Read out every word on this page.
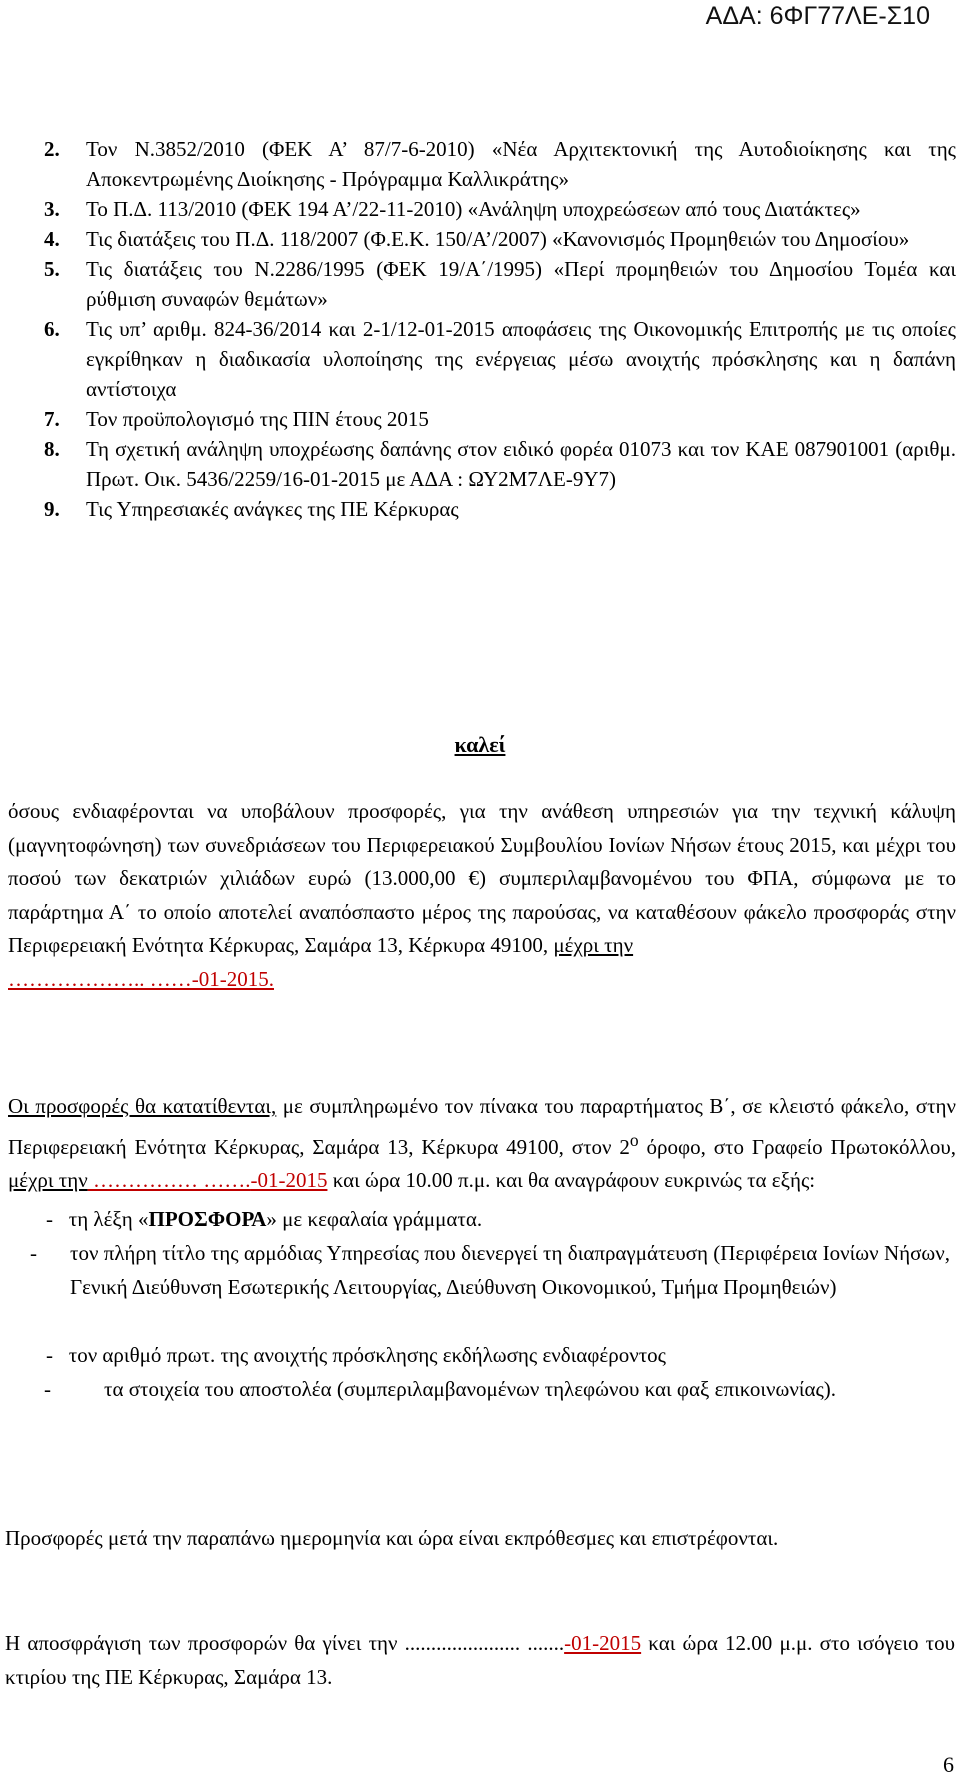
ΑΔΑ: 6ΦΓ77ΛΕ-Σ10
2. Τον Ν.3852/2010 (ΦΕΚ Α’ 87/7-6-2010) «Νέα Αρχιτεκτονική της Αυτοδιοίκησης και της Αποκεντρωμένης Διοίκησης - Πρόγραμμα Καλλικράτης»
3. Το Π.Δ. 113/2010 (ΦΕΚ 194 Α’/22-11-2010) «Ανάληψη υποχρεώσεων από τους Διατάκτες»
4. Τις διατάξεις του Π.Δ. 118/2007 (Φ.Ε.Κ. 150/Α’/2007) «Κανονισμός Προμηθειών του Δημοσίου»
5. Τις διατάξεις του Ν.2286/1995 (ΦΕΚ 19/Α΄/1995) «Περί προμηθειών του Δημοσίου Τομέα και ρύθμιση συναφών θεμάτων»
6. Τις υπ’ αριθμ. 824-36/2014 και 2-1/12-01-2015 αποφάσεις της Οικονομικής Επιτροπής με τις οποίες εγκρίθηκαν η διαδικασία υλοποίησης της ενέργειας μέσω ανοιχτής πρόσκλησης και η δαπάνη αντίστοιχα
7. Τον προϋπολογισμό της ΠΙΝ έτους 2015
8. Τη σχετική ανάληψη υποχρέωσης δαπάνης στον ειδικό φορέα 01073 και τον ΚΑΕ 087901001 (αριθμ. Πρωτ. Οικ. 5436/2259/16-01-2015 με ΑΔΑ : ΩΥ2Μ7ΛΕ-9Υ7)
9. Τις Υπηρεσιακές ανάγκες της ΠΕ Κέρκυρας
καλεί

όσους ενδιαφέρονται να υποβάλουν προσφορές, για την ανάθεση υπηρεσιών για την τεχνική κάλυψη (μαγνητοφώνηση) των συνεδριάσεων του Περιφερειακού Συμβουλίου Ιονίων Νήσων έτους 2015, και μέχρι του ποσού των δεκατριών χιλιάδων ευρώ (13.000,00 €) συμπεριλαμβανομένου του ΦΠΑ, σύμφωνα με το παράρτημα Α΄ το οποίο αποτελεί αναπόσπαστο μέρος της παρούσας, να καταθέσουν φάκελο προσφοράς στην Περιφερειακή Ενότητα Κέρκυρας, Σαμάρα 13, Κέρκυρα 49100, μέχρι την
……………….. ……-01-2015.

Οι προσφορές θα κατατίθενται, με συμπληρωμένο τον πίνακα του παραρτήματος Β΄, σε κλειστό φάκελο, στην Περιφερειακή Ενότητα Κέρκυρας, Σαμάρα 13, Κέρκυρα 49100, στον $2^o$ όροφο, στο Γραφείο Πρωτοκόλλου, μέχρι την …………… …….-01-2015 και ώρα 10.00 π.μ. και θα αναγράφουν ευκρινώς τα εξής:

-   τη λέξη «ΠΡΟΣΦΟΡΑ» με κεφαλαία γράμματα.
-	τον πλήρη τίτλο της αρμόδιας Υπηρεσίας που διενεργεί τη διαπραγμάτευση (Περιφέρεια Ιονίων Νήσων, Γενική Διεύθυνση Εσωτερικής Λειτουργίας, Διεύθυνση Οικονομικού, Τμήμα Προμηθειών)
-   τον αριθμό πρωτ. της ανοιχτής πρόσκλησης εκδήλωσης ενδιαφέροντος
-	τα στοιχεία του αποστολέα (συμπεριλαμβανομένων τηλεφώνου και φαξ επικοινωνίας).

Προσφορές μετά την παραπάνω ημερομηνία και ώρα είναι εκπρόθεσμες και επιστρέφονται.

Η αποσφράγιση των προσφορών θα γίνει την ...................... .......-01-2015 και ώρα 12.00 μ.μ. στο ισόγειο του κτιρίου της ΠΕ Κέρκυρας, Σαμάρα 13.

6
